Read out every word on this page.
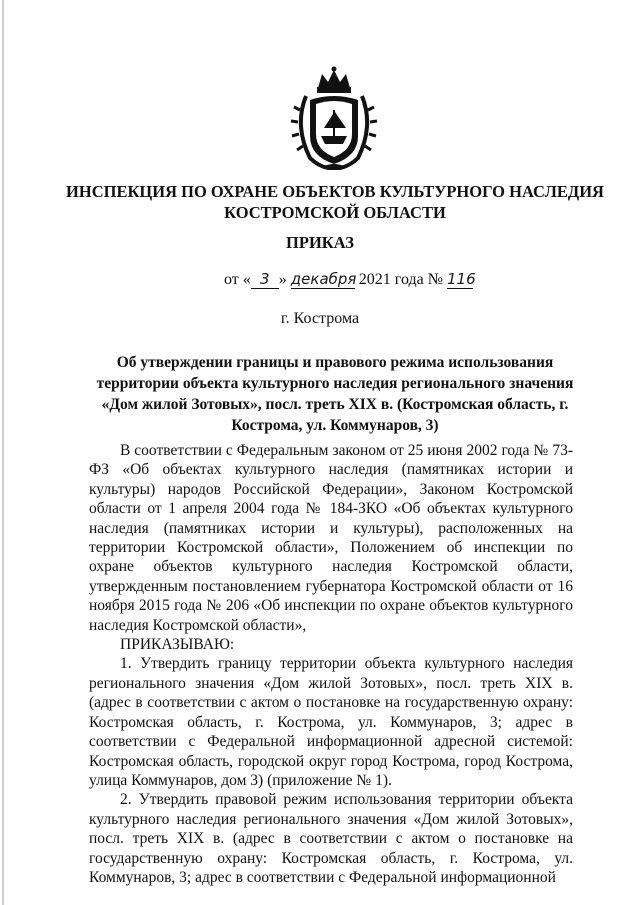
ИНСПЕКЦИЯ ПО ОХРАНЕ ОБЪЕКТОВ КУЛЬТУРНОГО НАСЛЕДИЯ КОСТРОМСКОЙ ОБЛАСТИ
ПРИКАЗ
от « 3 » декабря 2021 года № 116
г. Кострома
Об утверждении границы и правового режима использования территории объекта культурного наследия регионального значения «Дом жилой Зотовых», посл. треть XIX в. (Костромская область, г. Кострома, ул. Коммунаров, 3)

В соответствии с Федеральным законом от 25 июня 2002 года № 73-ФЗ «Об объектах культурного наследия (памятниках истории и культуры) народов Российской Федерации», Законом Костромской области от 1 апреля 2004 года № 184-ЗКО «Об объектах культурного наследия (памятниках истории и культуры), расположенных на территории Костромской области», Положением об инспекции по охране объектов культурного наследия Костромской области, утвержденным постановлением губернатора Костромской области от 16 ноября 2015 года № 206 «Об инспекции по охране объектов культурного наследия Костромской области»,

ПРИКАЗЫВАЮ:

1. Утвердить границу территории объекта культурного наследия регионального значения «Дом жилой Зотовых», посл. треть XIX в. (адрес в соответствии с актом о постановке на государственную охрану: Костромская область, г. Кострома, ул. Коммунаров, 3; адрес в соответствии с Федеральной информационной адресной системой: Костромская область, городской округ город Кострома, город Кострома, улица Коммунаров, дом 3) (приложение № 1).

2. Утвердить правовой режим использования территории объекта культурного наследия регионального значения «Дом жилой Зотовых», посл. треть XIX в. (адрес в соответствии с актом о постановке на государственную охрану: Костромская область, г. Кострома, ул. Коммунаров, 3; адрес в соответствии с Федеральной информационной
